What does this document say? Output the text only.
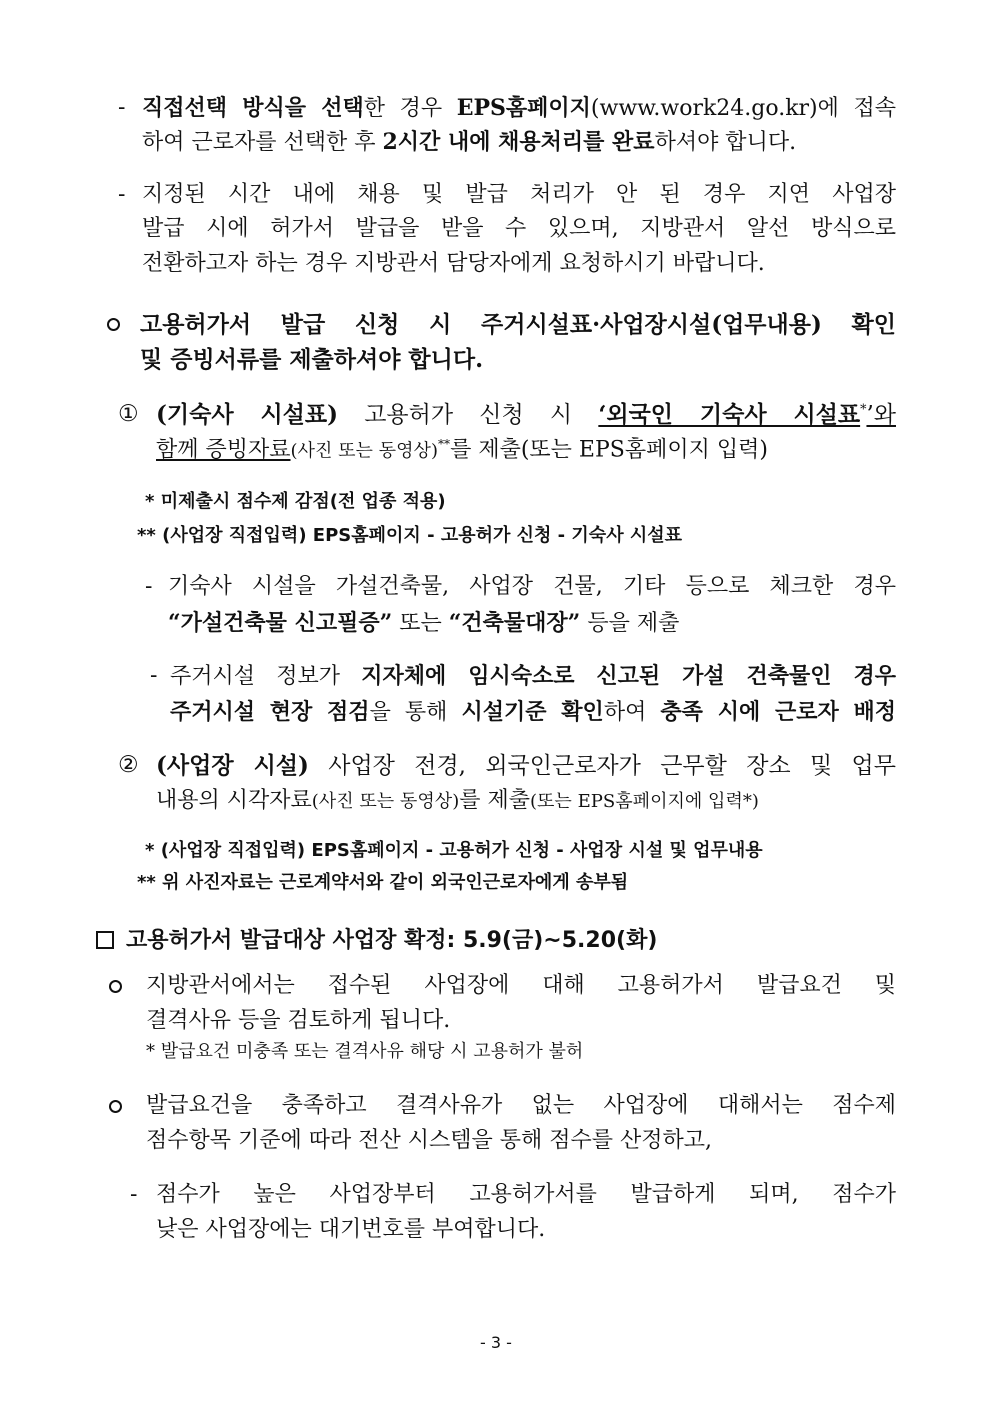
- 직접선택 방식을 선택한 경우 EPS홈페이지(www.work24.go.kr)에 접속
하여 근로자를 선택한 후 2시간 내에 채용처리를 완료하셔야 합니다.
- 지정된 시간 내에 채용 및 발급 처리가 안 된 경우 지연 사업장
발급 시에 허가서 발급을 받을 수 있으며, 지방관서 알선 방식으로
전환하고자 하는 경우 지방관서 담당자에게 요청하시기 바랍니다.
고용허가서 발급 신청 시 주거시설표·사업장시설(업무내용) 확인
및 증빙서류를 제출하셔야 합니다.
① (기숙사 시설표) 고용허가 신청 시 ‘외국인 기숙사 시설표*’와
함께 증빙자료(사진 또는 동영상)**를 제출(또는 EPS홈페이지 입력)
* 미제출시 점수제 감점(전 업종 적용)
** (사업장 직접입력) EPS홈페이지 - 고용허가 신청 - 기숙사 시설표
- 기숙사 시설을 가설건축물, 사업장 건물, 기타 등으로 체크한 경우
“가설건축물 신고필증” 또는 “건축물대장” 등을 제출
- 주거시설 정보가 지자체에 임시숙소로 신고된 가설 건축물인 경우
주거시설 현장 점검을 통해 시설기준 확인하여 충족 시에 근로자 배정
② (사업장 시설) 사업장 전경, 외국인근로자가 근무할 장소 및 업무
내용의 시각자료(사진 또는 동영상)를 제출(또는 EPS홈페이지에 입력*)
* (사업장 직접입력) EPS홈페이지 - 고용허가 신청 - 사업장 시설 및 업무내용
** 위 사진자료는 근로계약서와 같이 외국인근로자에게 송부됨
고용허가서 발급대상 사업장 확정: 5.9(금)~5.20(화)
지방관서에서는 접수된 사업장에 대해 고용허가서 발급요건 및
결격사유 등을 검토하게 됩니다.
* 발급요건 미충족 또는 결격사유 해당 시 고용허가 불허
발급요건을 충족하고 결격사유가 없는 사업장에 대해서는 점수제
점수항목 기준에 따라 전산 시스템을 통해 점수를 산정하고,
- 점수가 높은 사업장부터 고용허가서를 발급하게 되며, 점수가
낮은 사업장에는 대기번호를 부여합니다.
- 3 -
